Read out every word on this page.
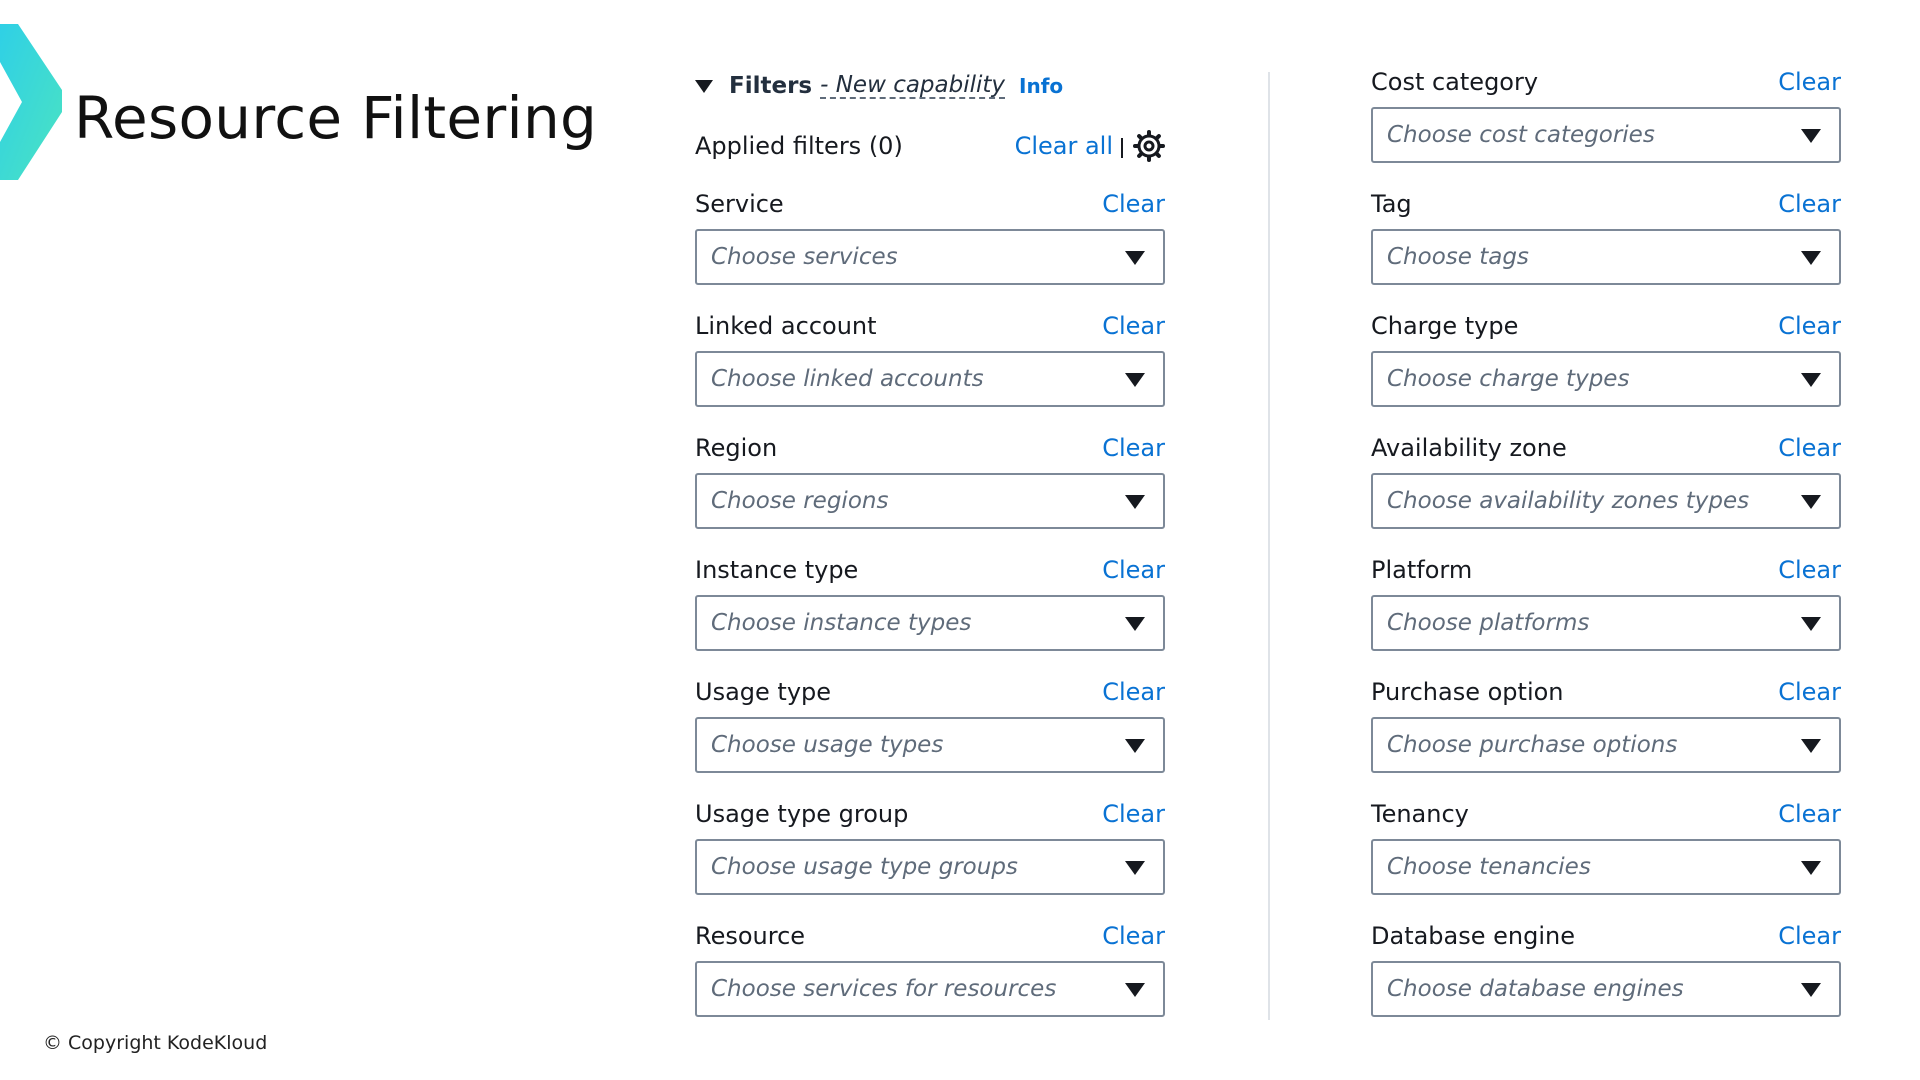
Resource Filtering	Filters - New capability Info
Applied filters (0)	Clear all
Service	Clear
Choose services
Linked account	Clear
Choose linked accounts
Region	Clear
Choose regions
Instance type	Clear
Choose instance types
Usage type	Clear
Choose usage types
Usage type group	Clear
Choose usage type groups
Resource	Clear
Choose services for resources
Cost category	Clear
Choose cost categories
Tag	Clear
Choose tags
Charge type	Clear
Choose charge types
Availability zone	Clear
Choose availability zones types
Platform	Clear
Choose platforms
Purchase option	Clear
Choose purchase options
Tenancy	Clear
Choose tenancies
Database engine	Clear
Choose database engines
© Copyright KodeKloud
